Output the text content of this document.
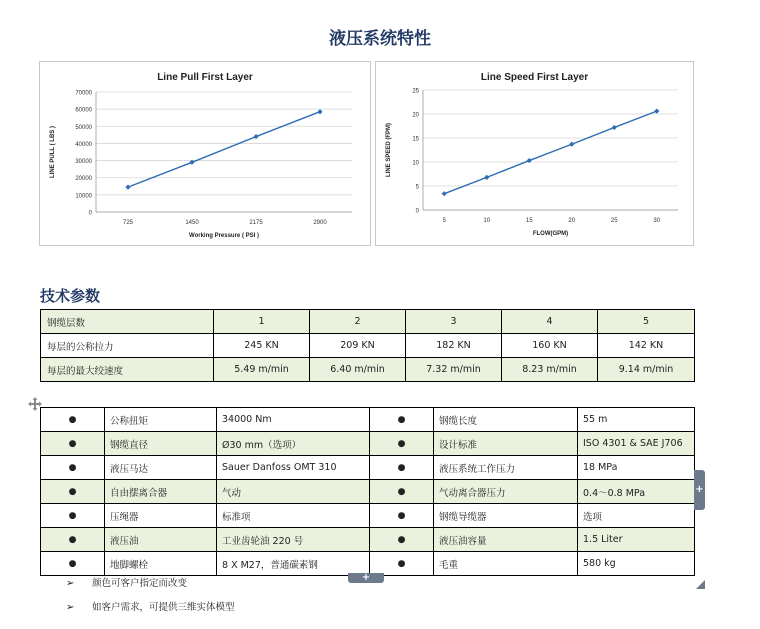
液压系统特性
Line Pull First Layer
0
10000
20000
30000
40000
50000
60000
70000
725	1450	2175	2900
Working Pressure ( PSI )
LINE PULL ( LBS )
Line Speed First Layer
0
5
10
15
20
25
5	10	15	20	25	30
FLOW(GPM)
LINE SPEED (FPM)
技术参数
钢缆层数	1	2	3	4	5
每层的公称拉力	245 KN	209 KN	182 KN	160 KN	142 KN
每层的最大绞速度	5.49 m/min	6.40 m/min	7.32 m/min	8.23 m/min	9.14 m/min
●	公称扭矩	34000 Nm	●	钢缆长度	55 m
●	钢缆直径	Ø30 mm（选项）	●	设计标准	ISO 4301 & SAE J706
●	液压马达	Sauer Danfoss OMT 310	●	液压系统工作压力	18 MPa
●	自由摆离合器	气动	●	气动离合器压力	0.4～0.8 MPa
●	压绳器	标准项	●	钢缆导缆器	选项
●	液压油	工业齿轮油 220 号	●	液压油容量	1.5 Liter
●	地脚螺栓	8 X M27，普通碳素钢	●	毛重	580 kg
+
+
➢ 颜色可客户指定而改变
➢ 如客户需求，可提供三维实体模型
